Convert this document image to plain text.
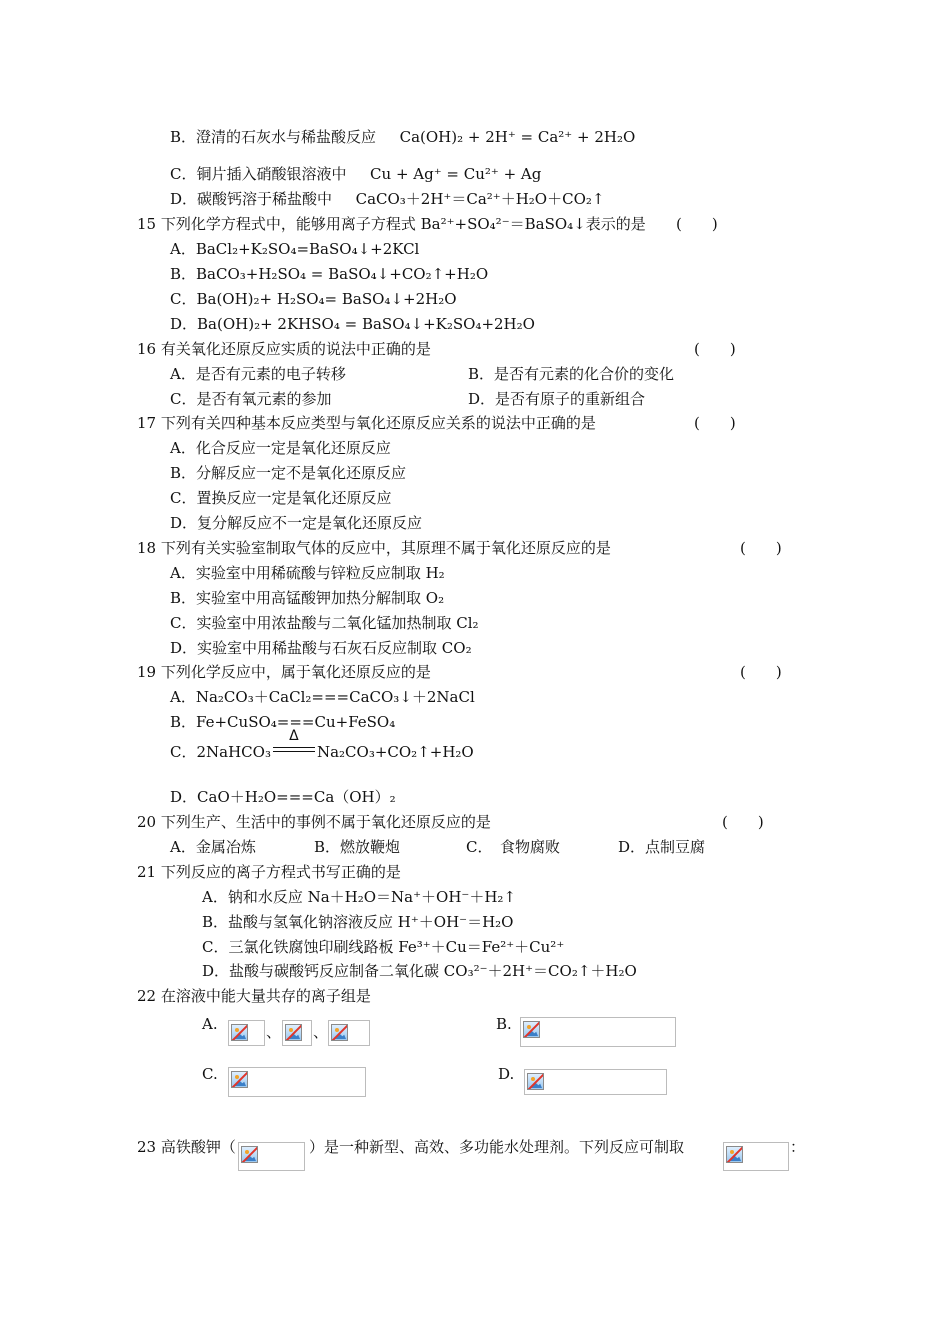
B．澄清的石灰水与稀盐酸反应 Ca(OH)₂ + 2H⁺ = Ca²⁺ + 2H₂O
C．铜片插入硝酸银溶液中 Cu + Ag⁺ = Cu²⁺ + Ag
D．碳酸钙溶于稀盐酸中 CaCO₃＋2H⁺＝Ca²⁺＋H₂O＋CO₂↑
15 下列化学方程式中，能够用离子方程式 Ba²⁺+SO₄²⁻＝BaSO₄↓表示的是 (　　)
A．BaCl₂+K₂SO₄=BaSO₄↓+2KCl
B．BaCO₃+H₂SO₄ = BaSO₄↓+CO₂↑+H₂O
C．Ba(OH)₂+ H₂SO₄= BaSO₄↓+2H₂O
D．Ba(OH)₂+ 2KHSO₄ = BaSO₄↓+K₂SO₄+2H₂O
16 有关氧化还原反应实质的说法中正确的是	(　　)
A．是否有元素的电子转移	B．是否有元素的化合价的变化
C．是否有氧元素的参加	D．是否有原子的重新组合
17 下列有关四种基本反应类型与氧化还原反应关系的说法中正确的是	(　　)
A．化合反应一定是氧化还原反应
B．分解反应一定不是氧化还原反应
C．置换反应一定是氧化还原反应
D．复分解反应不一定是氧化还原反应
18 下列有关实验室制取气体的反应中，其原理不属于氧化还原反应的是	(　　)
A．实验室中用稀硫酸与锌粒反应制取 H₂
B．实验室中用高锰酸钾加热分解制取 O₂
C．实验室中用浓盐酸与二氧化锰加热制取 Cl₂
D．实验室中用稀盐酸与石灰石反应制取 CO₂
19 下列化学反应中，属于氧化还原反应的是	(　　)
A．Na₂CO₃＋CaCl₂===CaCO₃↓＋2NaCl
B．Fe+CuSO₄===Cu+FeSO₄
C．2NaHCO₃
Δ
Na₂CO₃+CO₂↑+H₂O
D．CaO＋H₂O===Ca（OH）₂
20 下列生产、生活中的事例不属于氧化还原反应的是	(　　)
A．金属冶炼	B．燃放鞭炮	C．　食物腐败	D．点制豆腐
21 下列反应的离子方程式书写正确的是
A．钠和水反应 Na＋H₂O＝Na⁺＋OH⁻＋H₂↑
B．盐酸与氢氧化钠溶液反应 H⁺＋OH⁻＝H₂O
C．三氯化铁腐蚀印刷线路板 Fe³⁺＋Cu＝Fe²⁺＋Cu²⁺
D．盐酸与碳酸钙反应制备二氧化碳 CO₃²⁻＋2H⁺＝CO₂↑＋H₂O
22 在溶液中能大量共存的离子组是
A.	、 、	B.
C.	D.
23 高铁酸钾（	）是一种新型、高效、多功能水处理剂。下列反应可制取	：
